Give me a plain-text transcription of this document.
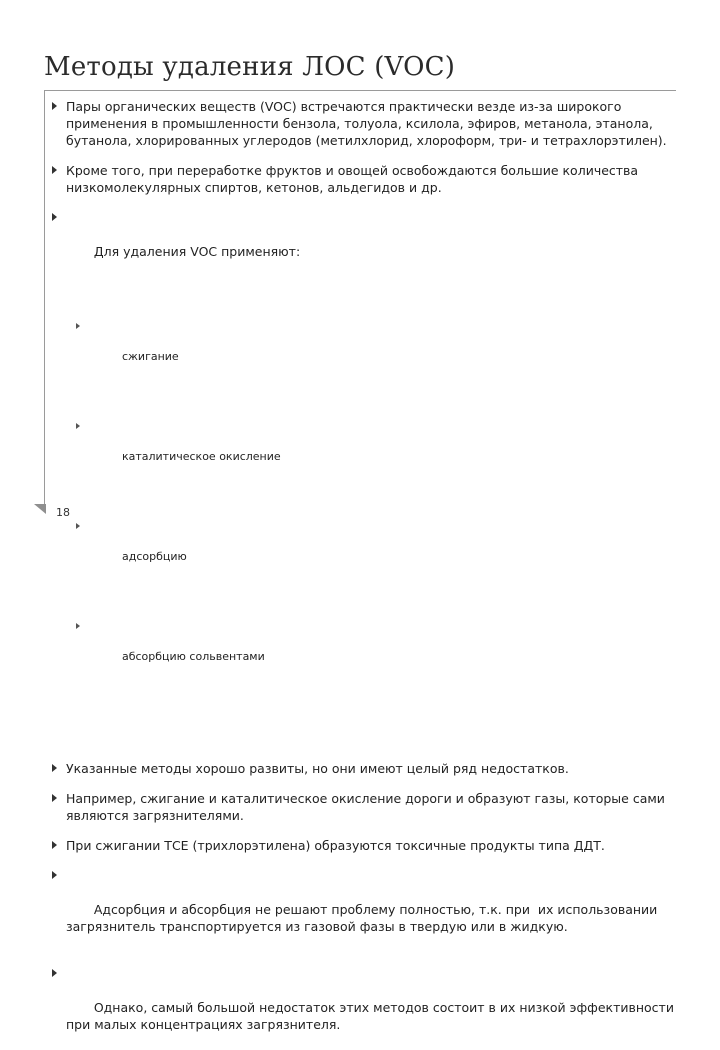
Методы удаления ЛОС (VOC)
Пары органических веществ (VOC) встречаются практически везде из-за широкого применения в промышленности бензола, толуола, ксилола, эфиров, метанола, этанола, бутанола, хлорированных углеродов (метилхлорид, хлороформ, три- и тетрахлорэтилен).
Кроме того, при переработке фруктов и овощей освобождаются большие количества низкомолекулярных спиртов, кетонов, альдегидов и др.

Для удаления VOC применяют:

сжигание

каталитическое окисление

адсорбцию

абсорбцию сольвентами

Указанные методы хорошо развиты, но они имеют целый ряд недостатков.
Например, сжигание и каталитическое окисление дороги и образуют газы, которые сами являются загрязнителями.
При сжигании ТСЕ (трихлорэтилена) образуются токсичные продукты типа ДДТ.

Адсорбция и абсорбция не решают проблему полностью, т.к. при  их использовании загрязнитель транспортируется из газовой фазы в твердую или в жидкую.

Однако, самый большой недостаток этих методов состоит в их низкой эффективности при малых концентрациях загрязнителя.

18
